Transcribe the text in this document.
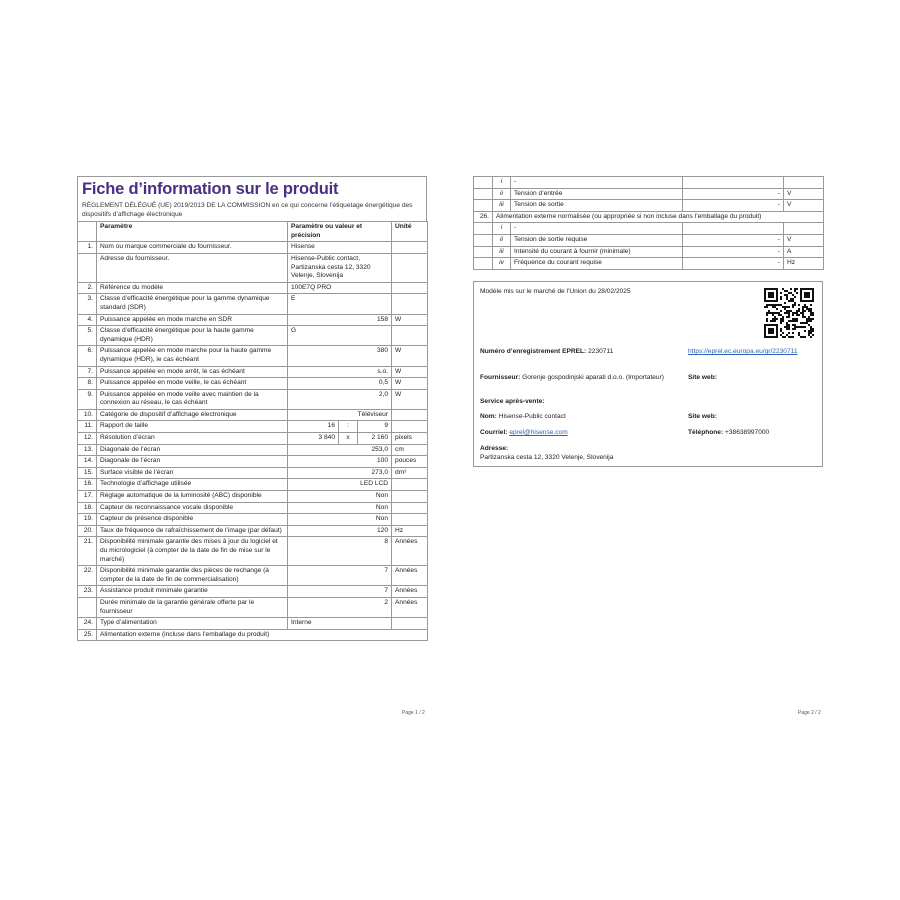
Fiche d’information sur le produit
RÈGLEMENT DÉLÉGUÉ (UE) 2019/2013 DE LA COMMISSION en ce qui concerne l’étiquetage énergétique des dispositifs d’affichage électronique
	Paramètre	Paramètre ou valeur et précision			Unité
1.	Nom ou marque commerciale du fournisseur.	Hisense			
	Adresse du fournisseur.	Hisense-Public contact, Partizanska cesta 12, 3320 Velenje, Slovenija			
2.	Référence du modèle	100E7Q PRO			
3.	Classe d’efficacité énergétique pour la gamme dynamique standard (SDR)	E			
4.	Puissance appelée en mode marche en SDR	158			W
5.	Classe d’efficacité énergétique pour la haute gamme dynamique (HDR)	G			
6.	Puissance appelée en mode marche pour la haute gamme dynamique (HDR), le cas échéant	380			W
7.	Puissance appelée en mode arrêt, le cas échéant	s.o.			W
8.	Puissance appelée en mode veille, le cas échéant	0,5			W
9.	Puissance appelée en mode veille avec maintien de la connexion au réseau, le cas échéant	2,0			W
10.	Catégorie de dispositif d’affichage électronique	Téléviseur			
11.	Rapport de taille	16	:	9	
12.	Résolution d’écran	3 840	x	2 160	pixels
13.	Diagonale de l’écran	253,0			cm
14.	Diagonale de l’écran	100			pouces
15.	Surface visible de l’écran	273,0			dm²
16.	Technologie d’affichage utilisée	LED LCD			
17.	Réglage automatique de la luminosité (ABC) disponible	Non			
18.	Capteur de reconnaissance vocale disponible	Non			
19.	Capteur de présence disponible	Non			
20.	Taux de fréquence de rafraîchissement de l’image (par défaut)	120			Hz
21.	Disponibilité minimale garantie des mises à jour du logiciel et du micrologiciel (à compter de la date de fin de mise sur le marché)	8			Années
22.	Disponibilité minimale garantie des pièces de rechange (à compter de la date de fin de commercialisation)	7			Années
23.	Assistance produit minimale garantie	7			Années
	Durée minimale de la garantie générale offerte par le fournisseur	2			Années
24.	Type d’alimentation	Interne			
25.	Alimentation externe (incluse dans l’emballage du produit)				
Page 1 / 2
	i	-		
	ii	Tension d’entrée	-	V
	iii	Tension de sortie	-	V
26.	Alimentation externe normalisée (ou appropriée si non incluse dans l’emballage du produit)			
	i	-		
	ii	Tension de sortie requise	-	V
	iii	Intensité du courant à fournir (minimale)	-	A
	iv	Fréquence du courant requise	-	Hz
Modèle mis sur le marché de l’Union du 28/02/2025
Numéro d’enregistrement EPREL: 2230711	https://eprel.ec.europa.eu/qr/2230711
Fournisseur: Gorenje gospodinjski aparati d.o.o. (Importateur)	Site web:
Service après-vente:
Nom: Hisense-Public contact	Site web:
Courriel: eprel@hisense.com	Téléphone: +38638997000
Adresse:
Partizanska cesta 12, 3320 Velenje, Slovenija
Page 2 / 2
